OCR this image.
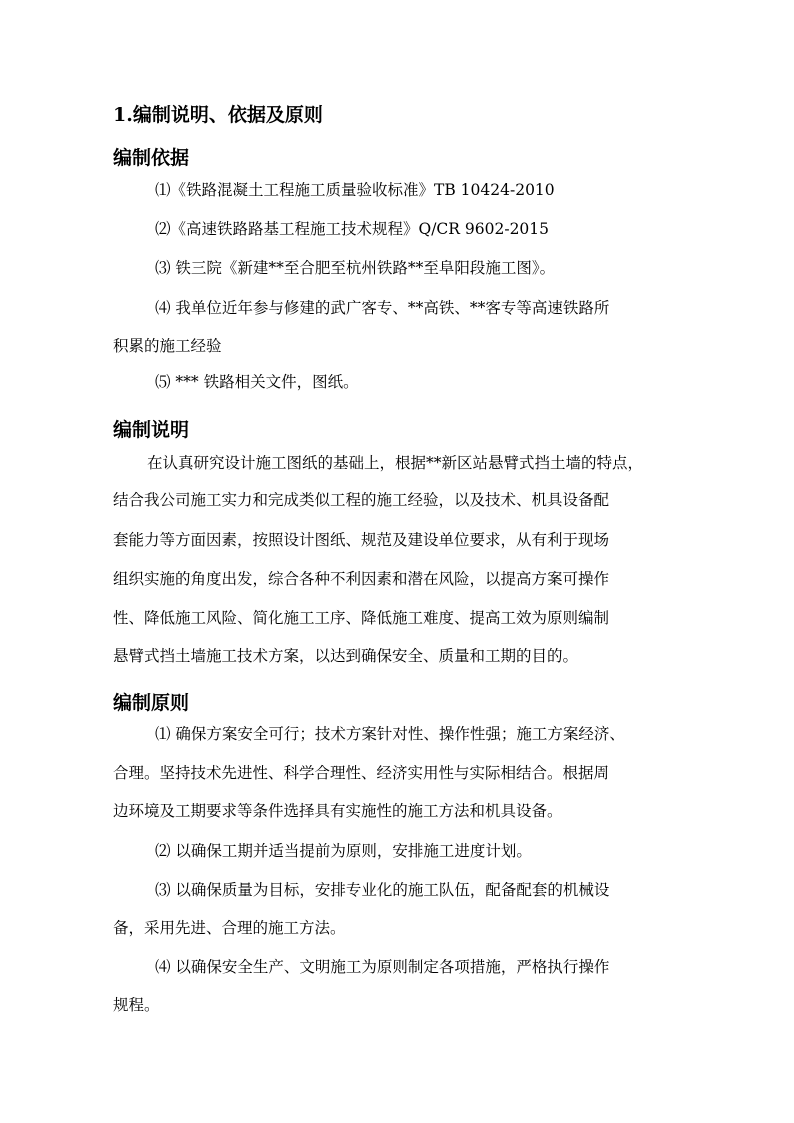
1.编制说明、依据及原则
编制依据
⑴《铁路混凝土工程施工质量验收标准》TB 10424-2010
⑵《高速铁路路基工程施工技术规程》Q/CR 9602-2015
⑶ 铁三院《新建**至合肥至杭州铁路**至阜阳段施工图》。
⑷ 我单位近年参与修建的武广客专、**高铁、**客专等高速铁路所
积累的施工经验
⑸ *** 铁路相关文件，图纸。
编制说明
在认真研究设计施工图纸的基础上，根据**新区站悬臂式挡土墙的特点，
结合我公司施工实力和完成类似工程的施工经验，以及技术、机具设备配
套能力等方面因素，按照设计图纸、规范及建设单位要求，从有利于现场
组织实施的角度出发，综合各种不利因素和潜在风险，以提高方案可操作
性、降低施工风险、简化施工工序、降低施工难度、提高工效为原则编制
悬臂式挡土墙施工技术方案，以达到确保安全、质量和工期的目的。
编制原则
⑴ 确保方案安全可行；技术方案针对性、操作性强；施工方案经济、
合理。坚持技术先进性、科学合理性、经济实用性与实际相结合。根据周
边环境及工期要求等条件选择具有实施性的施工方法和机具设备。
⑵ 以确保工期并适当提前为原则，安排施工进度计划。
⑶ 以确保质量为目标，安排专业化的施工队伍，配备配套的机械设
备，采用先进、合理的施工方法。
⑷ 以确保安全生产、文明施工为原则制定各项措施，严格执行操作
规程。
